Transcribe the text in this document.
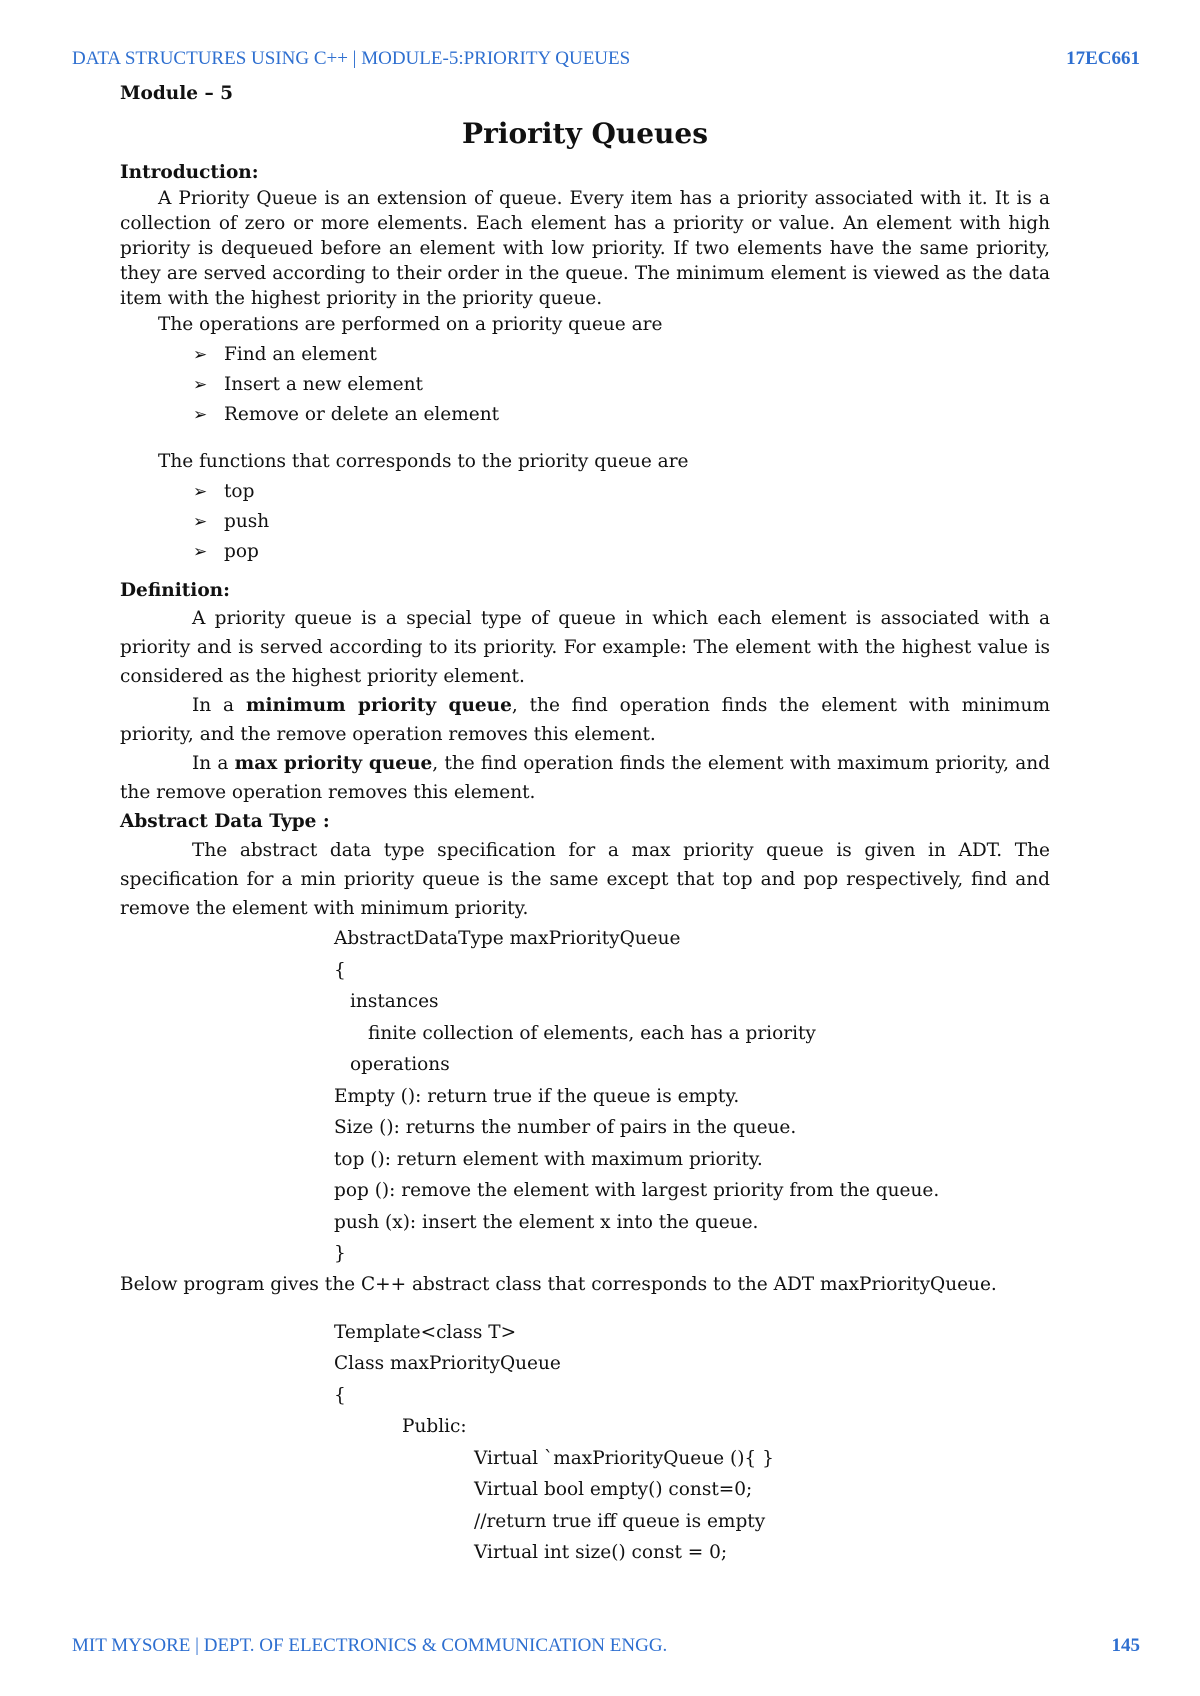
DATA STRUCTURES USING C++ | MODULE-5:PRIORITY QUEUES	17EC661

Module – 5

Priority Queues

Introduction:

A Priority Queue is an extension of queue. Every item has a priority associated with it. It is a collection of zero or more elements. Each element has a priority or value. An element with high priority is dequeued before an element with low priority. If two elements have the same priority, they are served according to their order in the queue. The minimum element is viewed as the data item with the highest priority in the priority queue.

The operations are performed on a priority queue are

➢ Find an element
➢ Insert a new element
➢ Remove or delete an element

The functions that corresponds to the priority queue are

➢ top
➢ push
➢ pop

Definition:

A priority queue is a special type of queue in which each element is associated with a priority and is served according to its priority. For example: The element with the highest value is considered as the highest priority element.

In a minimum priority queue, the find operation finds the element with minimum priority, and the remove operation removes this element.

In a max priority queue, the find operation finds the element with maximum priority, and the remove operation removes this element.

Abstract Data Type :

The abstract data type specification for a max priority queue is given in ADT. The specification for a min priority queue is the same except that top and pop respectively, find and remove the element with minimum priority.

AbstractDataType maxPriorityQueue

{

instances

finite collection of elements, each has a priority

operations

Empty (): return true if the queue is empty.

Size (): returns the number of pairs in the queue.

top (): return element with maximum priority.

pop (): remove the element with largest priority from the queue.

push (x): insert the element x into the queue.

}

Below program gives the C++ abstract class that corresponds to the ADT maxPriorityQueue.

Template<class T>

Class maxPriorityQueue

{

Public:

Virtual `maxPriorityQueue (){ }

Virtual bool empty() const=0;

//return true iff queue is empty

Virtual int size() const = 0;

MIT MYSORE | DEPT. OF ELECTRONICS & COMMUNICATION ENGG.	145
